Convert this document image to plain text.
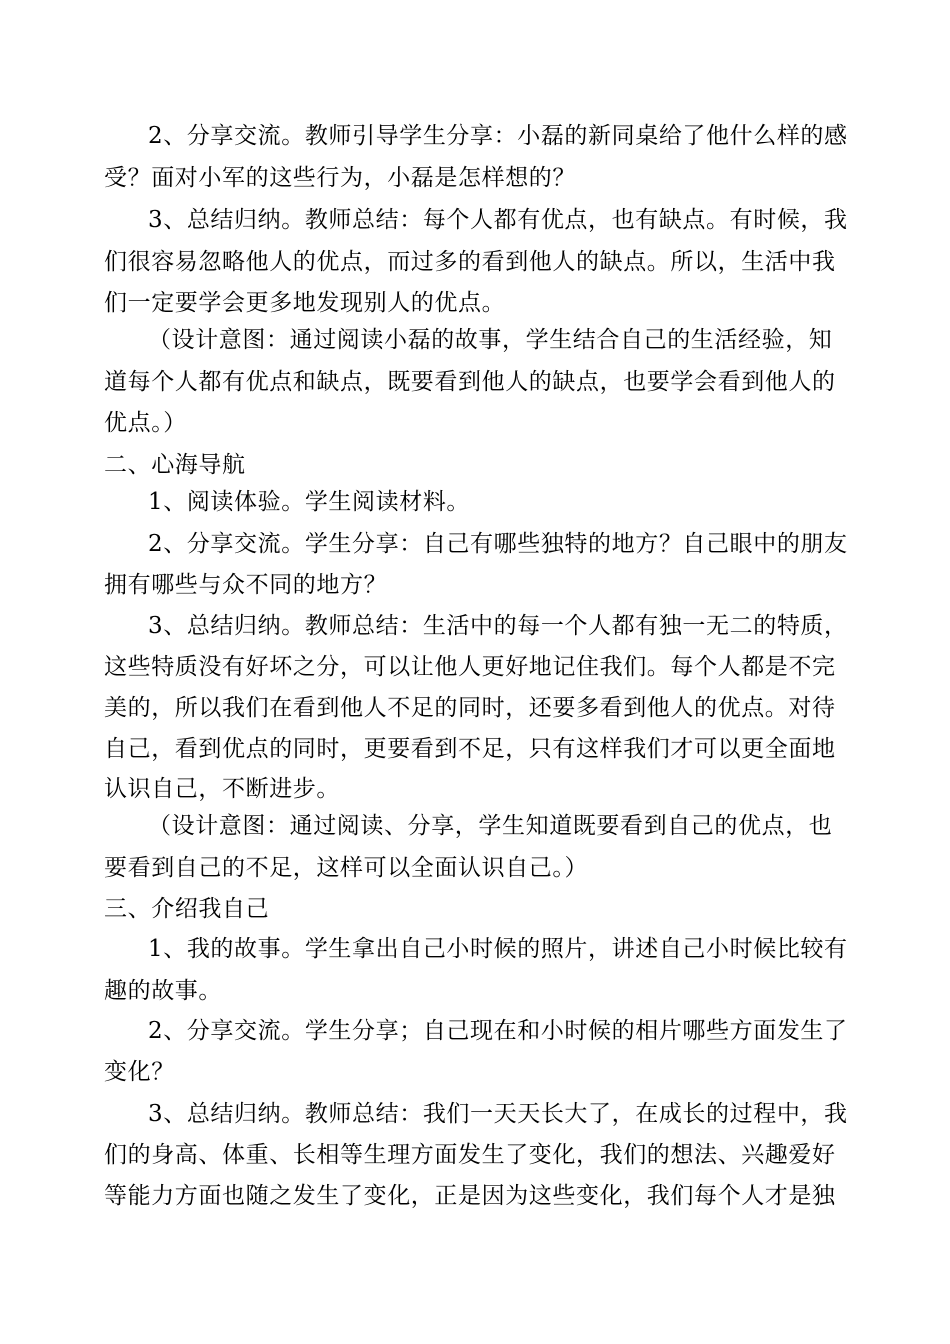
2、分享交流。教师引导学生分享：小磊的新同桌给了他什么样的感
受？面对小军的这些行为，小磊是怎样想的？
3、总结归纳。教师总结：每个人都有优点，也有缺点。有时候，我
们很容易忽略他人的优点，而过多的看到他人的缺点。所以，生活中我
们一定要学会更多地发现别人的优点。
（设计意图：通过阅读小磊的故事，学生结合自己的生活经验，知
道每个人都有优点和缺点，既要看到他人的缺点，也要学会看到他人的
优点。）
二、心海导航
1、阅读体验。学生阅读材料。
2、分享交流。学生分享：自己有哪些独特的地方？自己眼中的朋友
拥有哪些与众不同的地方？
3、总结归纳。教师总结：生活中的每一个人都有独一无二的特质，
这些特质没有好坏之分，可以让他人更好地记住我们。每个人都是不完
美的，所以我们在看到他人不足的同时，还要多看到他人的优点。对待
自己，看到优点的同时，更要看到不足，只有这样我们才可以更全面地
认识自己，不断进步。
（设计意图：通过阅读、分享，学生知道既要看到自己的优点，也
要看到自己的不足，这样可以全面认识自己。）
三、介绍我自己
1、我的故事。学生拿出自己小时候的照片，讲述自己小时候比较有
趣的故事。
2、分享交流。学生分享；自己现在和小时候的相片哪些方面发生了
变化？
3、总结归纳。教师总结：我们一天天长大了，在成长的过程中，我
们的身高、体重、长相等生理方面发生了变化，我们的想法、兴趣爱好
等能力方面也随之发生了变化，正是因为这些变化，我们每个人才是独
